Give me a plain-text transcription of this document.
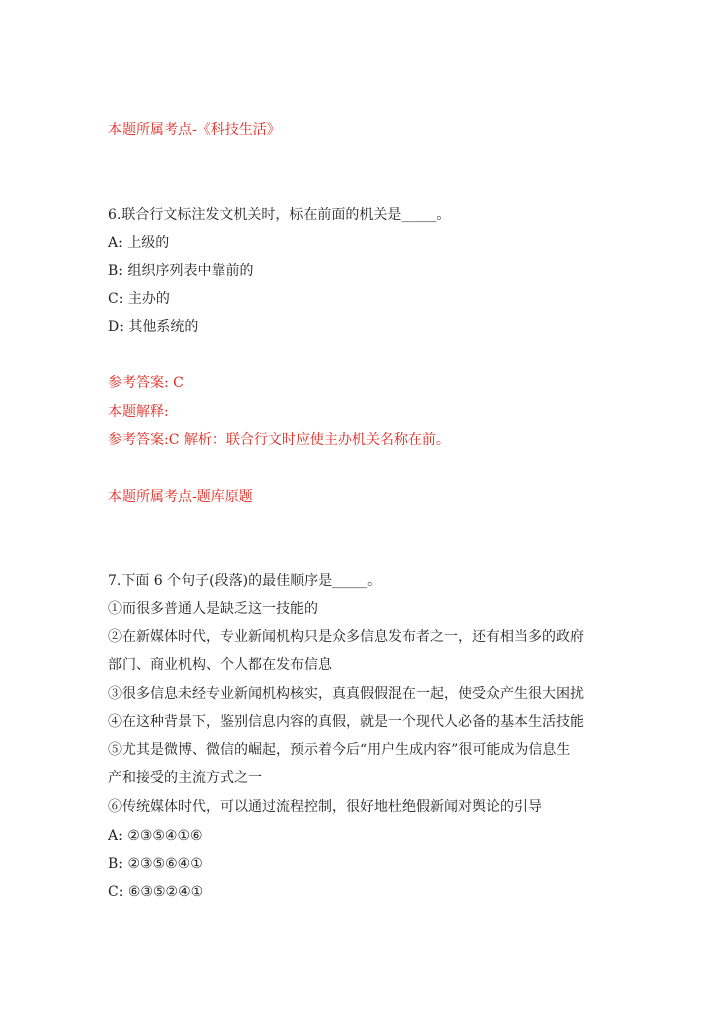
本题所属考点-《科技生活》
6.联合行文标注发文机关时，标在前面的机关是_____。
A: 上级的
B: 组织序列表中靠前的
C: 主办的
D: 其他系统的
参考答案: C
本题解释:
参考答案:C 解析：联合行文时应使主办机关名称在前。
本题所属考点-题库原题
7.下面 6 个句子(段落)的最佳顺序是_____。
①而很多普通人是缺乏这一技能的
②在新媒体时代，专业新闻机构只是众多信息发布者之一，还有相当多的政府
部门、商业机构、个人都在发布信息
③很多信息未经专业新闻机构核实，真真假假混在一起，使受众产生很大困扰
④在这种背景下，鉴别信息内容的真假，就是一个现代人必备的基本生活技能
⑤尤其是微博、微信的崛起，预示着今后“用户生成内容”很可能成为信息生
产和接受的主流方式之一
⑥传统媒体时代，可以通过流程控制，很好地杜绝假新闻对舆论的引导
A: ②③⑤④①⑥
B: ②③⑤⑥④①
C: ⑥③⑤②④①
